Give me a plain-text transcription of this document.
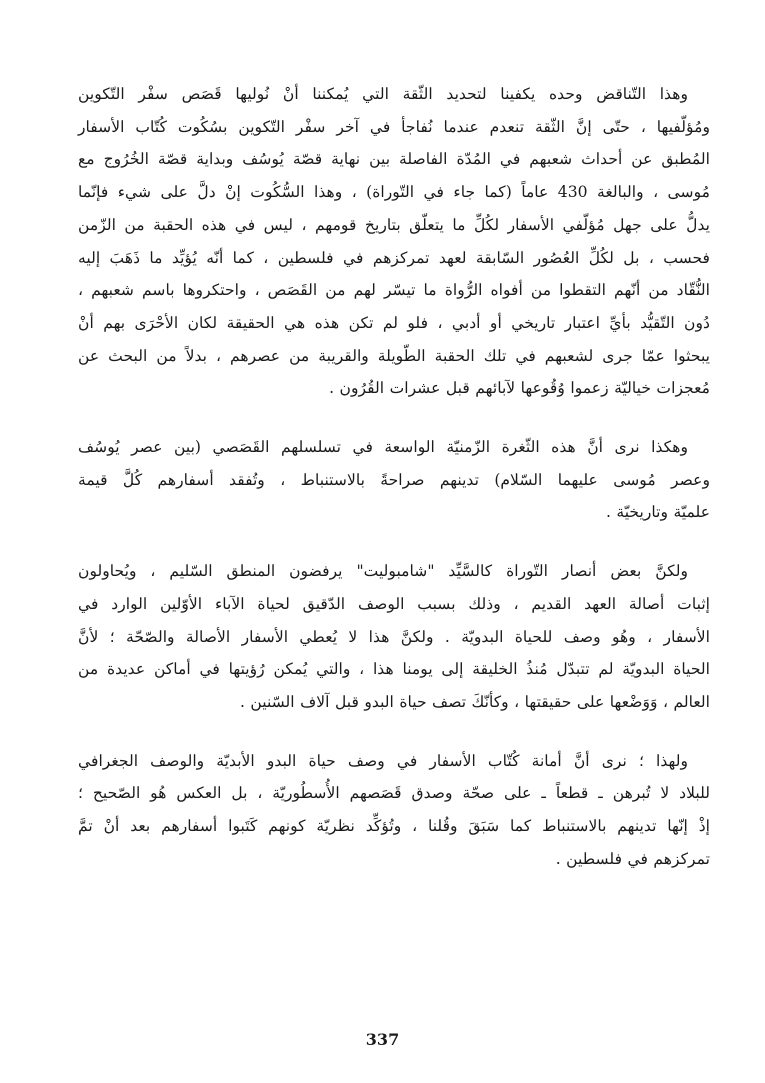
وهذا التّناقض وحده يكفينا لتحديد الثّقة التي يُمكننا أنْ نُوليها قَصَص سفْر التّكوين
ومُؤلّفيها ، حتّى إنَّ الثّقة تنعدم عندما نُفاجأ في آخر سفْر التّكوين بسُكُوت كُتّاب الأسفار
المُطبق عن أحداث شعبهم في المُدّة الفاصلة بين نهاية قصّة يُوسُف وبداية قصّة الخُرُوج مع
مُوسى ، والبالغة 430 عاماً (كما جاء في التّوراة) ، وهذا السُّكُوت إنْ دلَّ على شيء فإنّما
يدلُّ على جهل مُؤلّفي الأسفار لكُلِّ ما يتعلّق بتاريخ قومهم ، ليس في هذه الحقبة من الزّمن
فحسب ، بل لكُلِّ العُصُور السّابقة لعهد تمركزهم في فلسطين ، كما أنّه يُؤيِّد ما ذَهَبَ إليه
النُّقّاد من أنّهم التقطوا من أفواه الرُّواة ما تيسّر لهم من القَصَص ، واحتكروها باسم شعبهم ،
دُون التّقيُّد بأيِّ اعتبار تاريخي أو أدبي ، فلو لم تكن هذه هي الحقيقة لكان الأحْرَى بهم أنْ
يبحثوا عمّا جرى لشعبهم في تلك الحقبة الطّويلة والقريبة من عصرهم ، بدلاً من البحث عن
مُعجزات خياليّة زعموا وُقُوعها لآبائهم قبل عشرات القُرُون .

وهكذا نرى أنَّ هذه الثّغرة الزّمنيّة الواسعة في تسلسلهم القَصَصي (بين عصر يُوسُف
وعصر مُوسى عليهما السّلام) تدينهم صراحةً بالاستنباط ، وتُفقد أسفارهم كُلَّ قيمة
علميّة وتاريخيّة .

ولكنَّ بعض أنصار التّوراة كالسَّيِّد "شامبوليت" يرفضون المنطق السّليم ، ويُحاولون
إثبات أصالة العهد القديم ، وذلك بسبب الوصف الدّقيق لحياة الآباء الأوّلين الوارد في
الأسفار ، وهُو وصف للحياة البدويّة . ولكنَّ هذا لا يُعطي الأسفار الأصالة والصّحّة ؛ لأنَّ
الحياة البدويّة لم تتبدّل مُنذُ الخليقة إلى يومنا هذا ، والتي يُمكن رُؤيتها في أماكن عديدة من
العالم ، وَوَضْعها على حقيقتها ، وكأنّكَ تصف حياة البدو قبل آلاف السّنين .

ولهذا ؛ نرى أنَّ أمانة كُتّاب الأسفار في وصف حياة البدو الأبديّة والوصف الجغرافي
للبلاد لا تُبرهن ـ قطعاً ـ على صحّة وصدق قَصَصهم الأُسطُوريّة ، بل العكس هُو الصّحيح ؛
إذْ إنّها تدينهم بالاستنباط كما سَبَقَ وقُلنا ، وتُؤكِّد نظريّة كونهم كَتَبوا أسفارهم بعد أنْ تمَّ
تمركزهم في فلسطين .

337
